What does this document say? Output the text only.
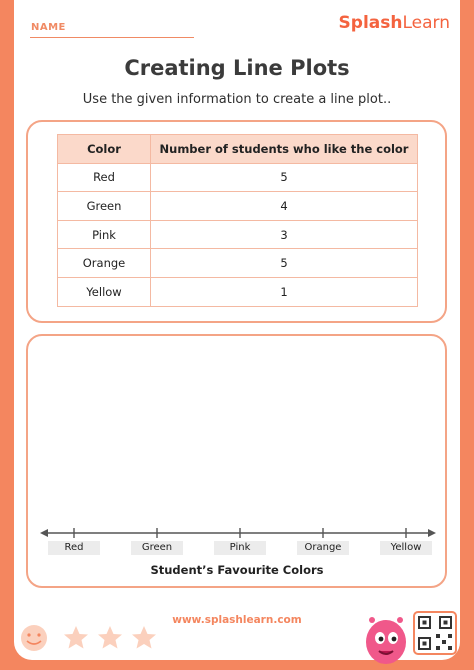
NAME	SplashLearn
Creating Line Plots
Use the given information to create a line plot..
Color	Number of students who like the color
Red	5
Green	4
Pink	3
Orange	5
Yellow	1
Red	Green	Pink	Orange	Yellow
Student’s Favourite Colors
www.splashlearn.com
